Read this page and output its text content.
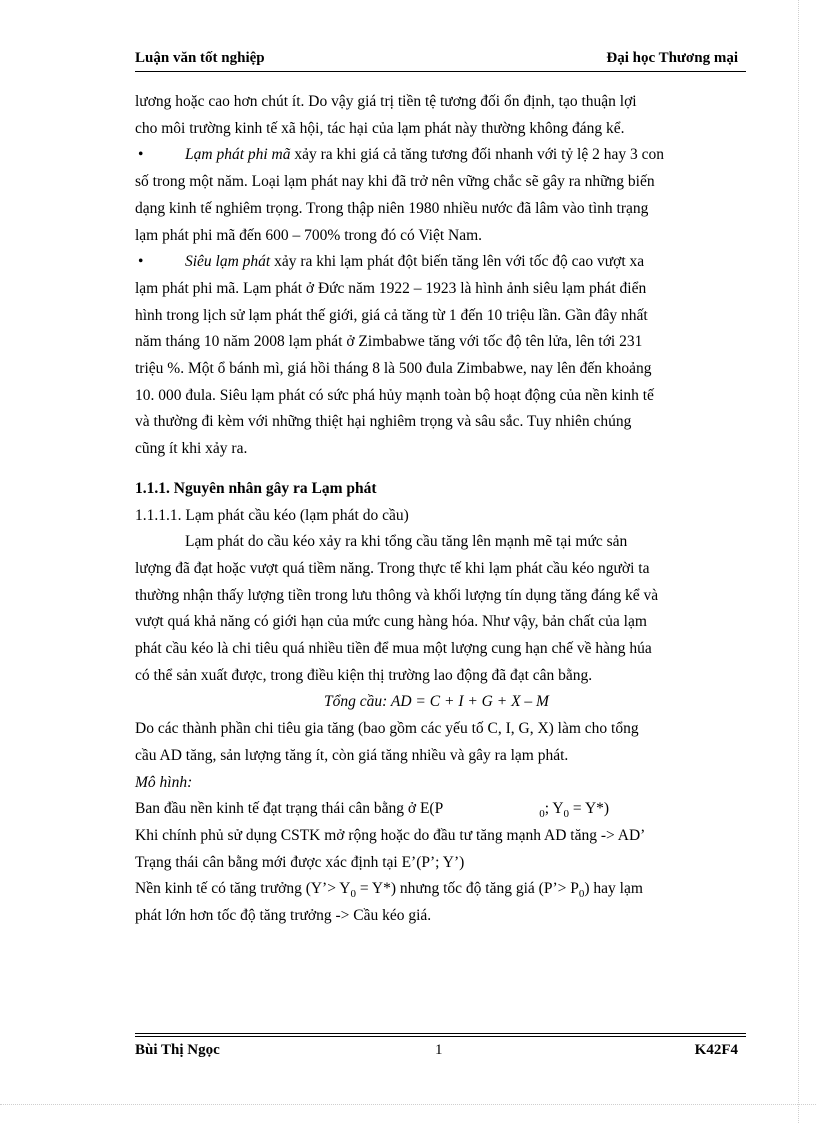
Luận văn tốt nghiệp	Đại học Thương mại
lương hoặc cao hơn chút ít. Do vậy giá trị tiền tệ tương đối ổn định, tạo thuận lợi
cho môi trường kinh tế xã hội, tác hại của lạm phát này thường không đáng kể.
•	Lạm phát phi mã xảy ra khi giá cả tăng tương đối nhanh với tỷ lệ 2 hay 3 con
số trong một năm. Loại lạm phát nay khi đã trở nên vững chắc sẽ gây ra những biến
dạng kinh tế nghiêm trọng. Trong thập niên 1980 nhiều nước đã lâm vào tình trạng
lạm phát phi mã đến 600 – 700% trong đó có Việt Nam.
•	Siêu lạm phát xảy ra khi lạm phát đột biến tăng lên với tốc độ cao vượt xa
lạm phát phi mã. Lạm phát ở Đức năm 1922 – 1923 là hình ảnh siêu lạm phát điển
hình trong lịch sử lạm phát thế giới, giá cả tăng từ 1 đến 10 triệu lần. Gần đây nhất
năm tháng 10 năm 2008 lạm phát ở Zimbabwe tăng với tốc độ tên lửa, lên tới 231
triệu %. Một ổ bánh mì, giá hồi tháng 8 là 500 đula Zimbabwe, nay lên đến khoảng
10. 000 đula. Siêu lạm phát có sức phá hủy mạnh toàn bộ hoạt động của nền kinh tế
và thường đi kèm với những thiệt hại nghiêm trọng và sâu sắc. Tuy nhiên chúng
cũng ít khi xảy ra.
1.1.1. Nguyên nhân gây ra Lạm phát
1.1.1.1. Lạm phát cầu kéo (lạm phát do cầu)
Lạm phát do cầu kéo xảy ra khi tổng cầu tăng lên mạnh mẽ tại mức sản
lượng đã đạt hoặc vượt quá tiềm năng. Trong thực tế khi lạm phát cầu kéo người ta
thường nhận thấy lượng tiền trong lưu thông và khối lượng tín dụng tăng đáng kể và
vượt quá khả năng có giới hạn của mức cung hàng hóa. Như vậy, bản chất của lạm
phát cầu kéo là chi tiêu quá nhiều tiền để mua một lượng cung hạn chế về hàng húa
có thể sản xuất được, trong điều kiện thị trường lao động đã đạt cân bằng.
Tổng cầu: AD = C + I + G + X – M
Do các thành phần chi tiêu gia tăng (bao gồm các yếu tố C, I, G, X) làm cho tổng
cầu AD tăng, sản lượng tăng ít, còn giá tăng nhiều và gây ra lạm phát.
Mô hình:
Ban đầu nền kinh tế đạt trạng thái cân bằng ở E(P	$_0$; $Y_0 = Y*$)
Khi chính phủ sử dụng CSTK mở rộng hoặc do đầu tư tăng mạnh AD tăng -> AD’
Trạng thái cân bằng mới được xác định tại E’(P’; Y’)
Nền kinh tế có tăng trưởng (Y’> $Y_0 = Y*$) nhưng tốc độ tăng giá (P’> $P_0$) hay lạm
phát lớn hơn tốc độ tăng trưởng -> Cầu kéo giá.
Bùi Thị Ngọc	1	K42F4
